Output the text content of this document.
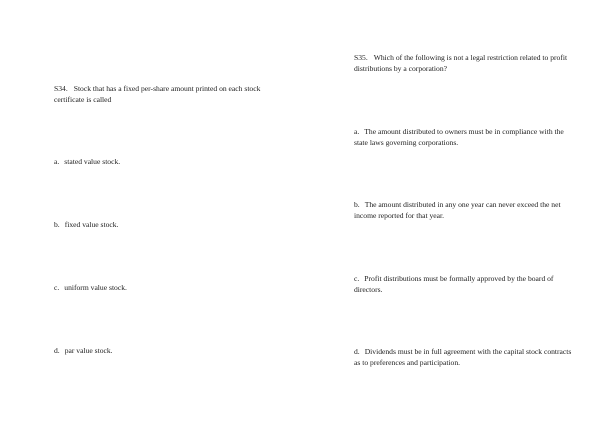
S34. Stock that has a fixed per-share amount printed on each stock certificate is called
a. stated value stock.
b. fixed value stock.
c. uniform value stock.
d. par value stock.
S35. Which of the following is not a legal restriction related to profit distributions by a corporation?
a. The amount distributed to owners must be in compliance with the state laws governing corporations.
b. The amount distributed in any one year can never exceed the net income reported for that year.
c. Profit distributions must be formally approved by the board of directors.
d. Dividends must be in full agreement with the capital stock contracts as to preferences and participation.
